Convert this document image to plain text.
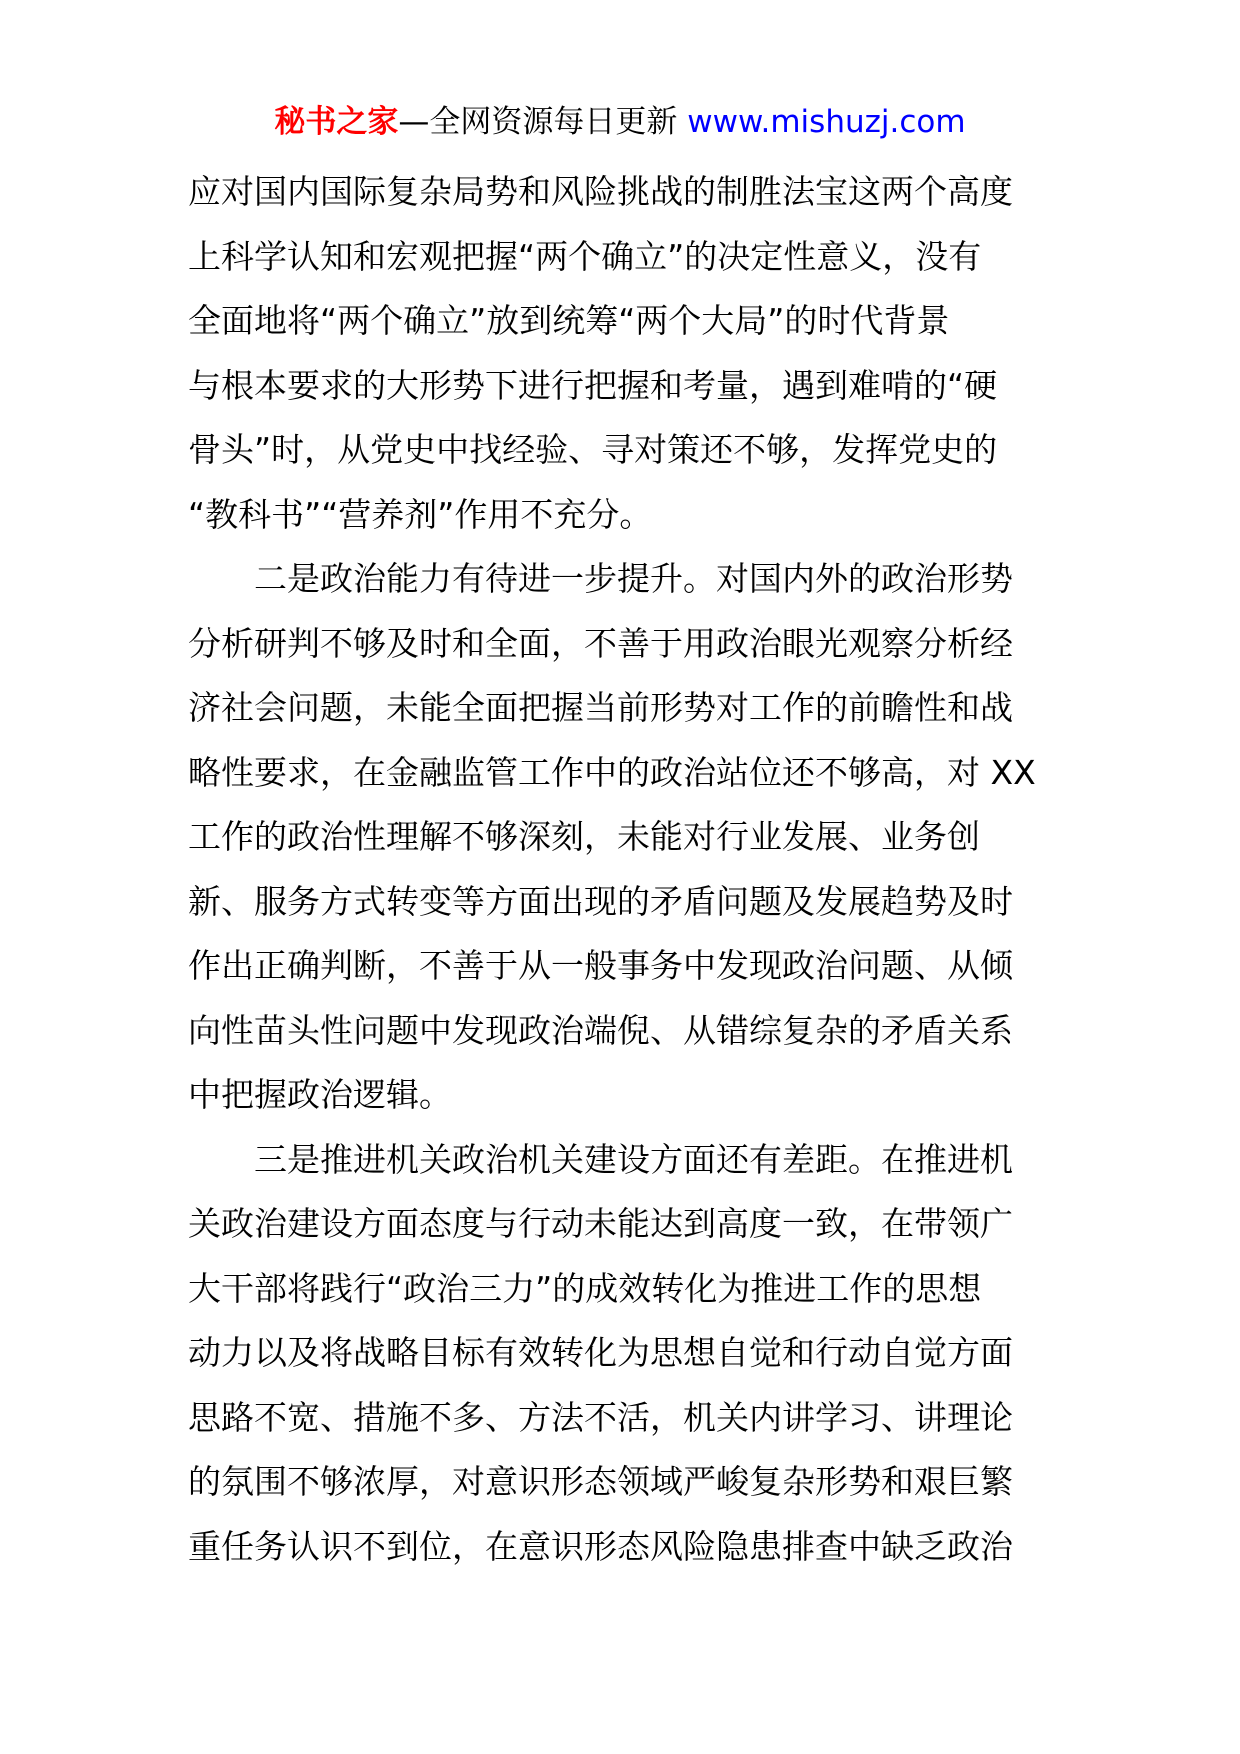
秘书之家—全网资源每日更新 www.mishuzj.com
应对国内国际复杂局势和风险挑战的制胜法宝这两个高度
上科学认知和宏观把握“两个确立”的决定性意义，没有
全面地将“两个确立”放到统筹“两个大局”的时代背景
与根本要求的大形势下进行把握和考量，遇到难啃的“硬
骨头”时，从党史中找经验、寻对策还不够，发挥党史的
“教科书”“营养剂”作用不充分。
二是政治能力有待进一步提升。对国内外的政治形势
分析研判不够及时和全面，不善于用政治眼光观察分析经
济社会问题，未能全面把握当前形势对工作的前瞻性和战
略性要求，在金融监管工作中的政治站位还不够高，对 XX
工作的政治性理解不够深刻，未能对行业发展、业务创
新、服务方式转变等方面出现的矛盾问题及发展趋势及时
作出正确判断，不善于从一般事务中发现政治问题、从倾
向性苗头性问题中发现政治端倪、从错综复杂的矛盾关系
中把握政治逻辑。
三是推进机关政治机关建设方面还有差距。在推进机
关政治建设方面态度与行动未能达到高度一致，在带领广
大干部将践行“政治三力”的成效转化为推进工作的思想
动力以及将战略目标有效转化为思想自觉和行动自觉方面
思路不宽、措施不多、方法不活，机关内讲学习、讲理论
的氛围不够浓厚，对意识形态领域严峻复杂形势和艰巨繁
重任务认识不到位，在意识形态风险隐患排查中缺乏政治
